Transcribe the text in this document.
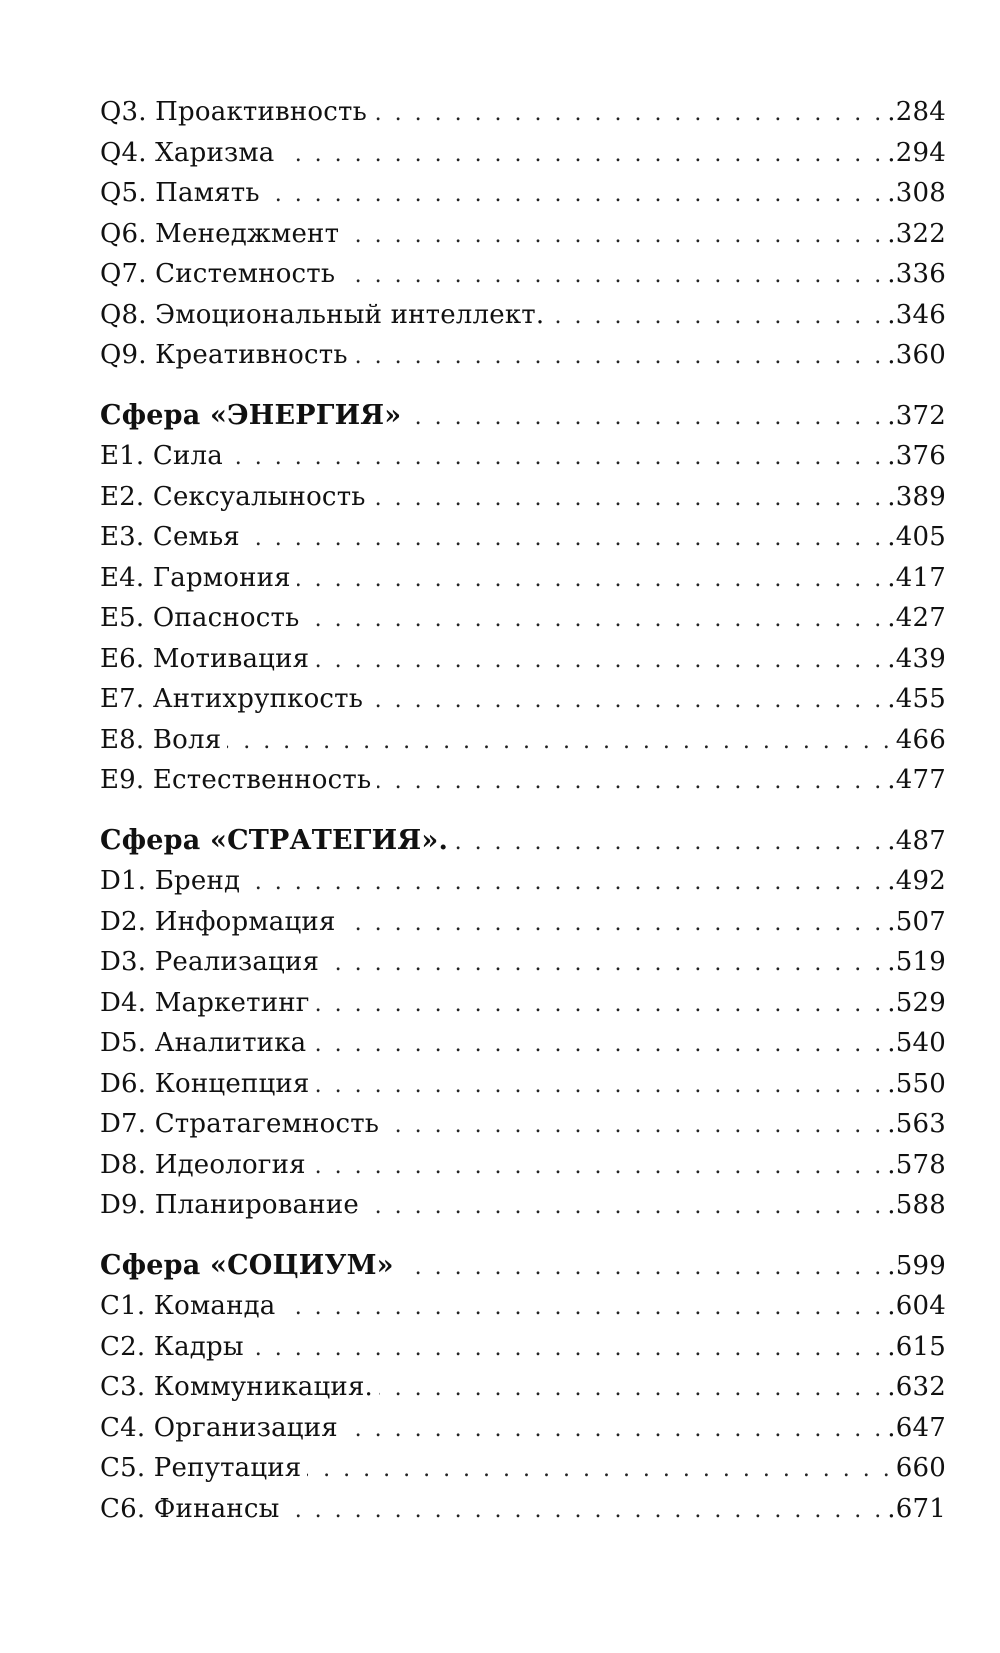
Q3. Проактивность . . .	.284
Q4. Харизма . . .	.294
Q5. Память . . .	.308
Q6. Менеджмент . . .	.322
Q7. Системность . . .	.336
Q8. Эмоциональный интеллект. . . .	.346
Q9. Креативность . . .	.360
Сфера «ЭНЕРГИЯ» . . .	.372
E1. Сила . . .	.376
E2. Сексуалыность . . .	.389
E3. Семья . . .	.405
E4. Гармония . . .	.417
E5. Опасность . . .	.427
E6. Мотивация . . .	.439
E7. Антихрупкость . . .	.455
E8. Воля . . .	466
E9. Естественность . . .	.477
Сфера «СТРАТЕГИЯ». . . .	.487
D1. Бренд . . .	.492
D2. Информация . . .	.507
D3. Реализация . . .	.519
D4. Маркетинг . . .	.529
D5. Аналитика . . .	.540
D6. Концепция . . .	.550
D7. Стратагемность . . .	.563
D8. Идеология . . .	.578
D9. Планирование . . .	.588
Сфера «СОЦИУМ» . . .	.599
C1. Команда . . .	.604
C2. Кадры . . .	.615
C3. Коммуникация. . . .	.632
C4. Организация . . .	.647
C5. Репутация . . .	660
C6. Финансы . . .	.671
